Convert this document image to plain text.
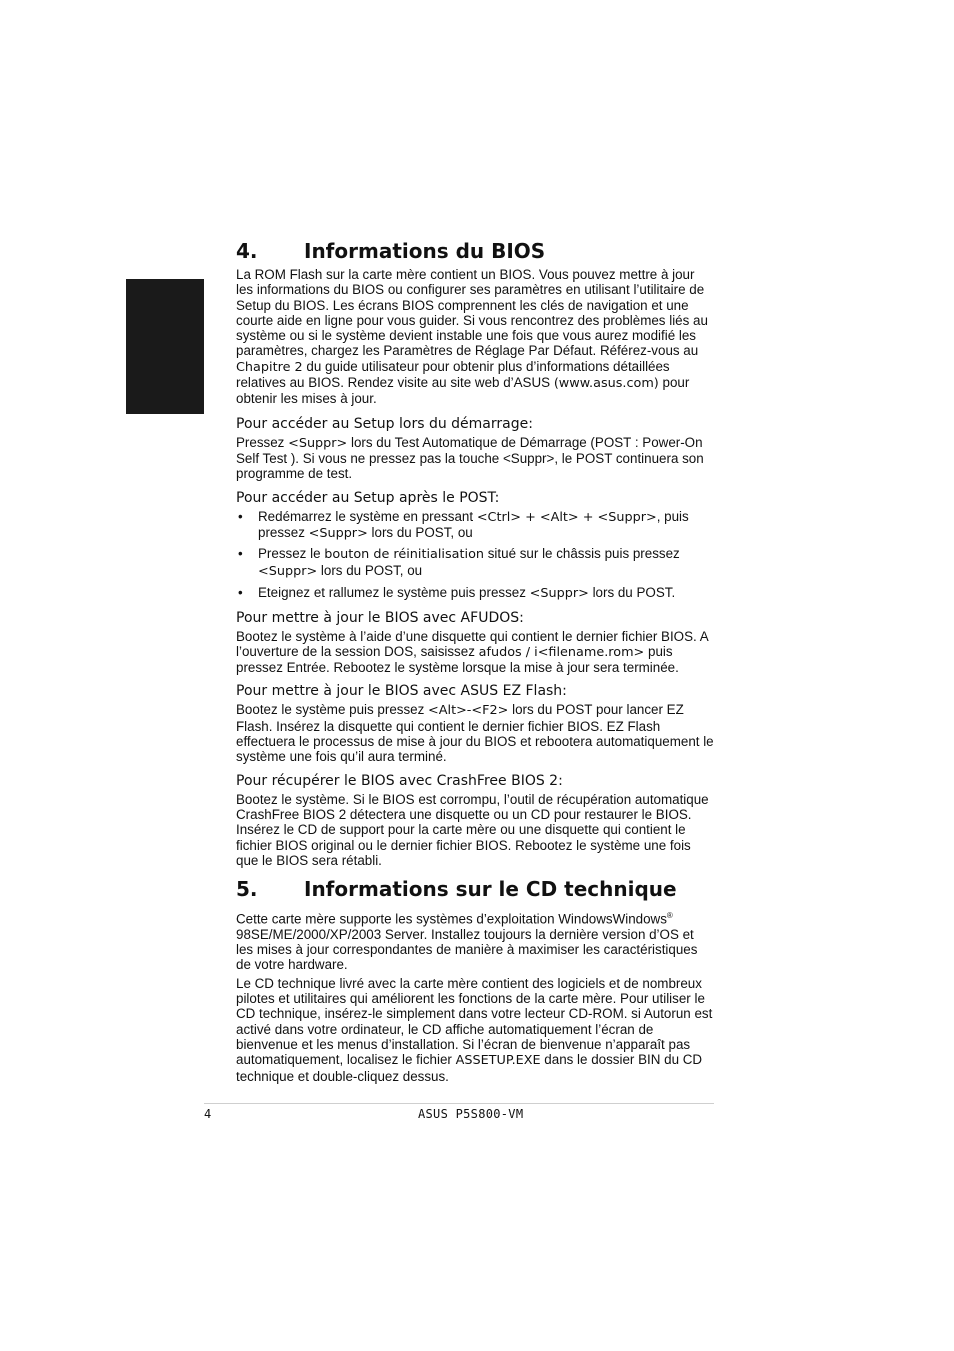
4. Informations du BIOS

La ROM Flash sur la carte mère contient un BIOS. Vous pouvez mettre à jour les informations du BIOS ou configurer ses paramètres en utilisant l’utilitaire de Setup du BIOS. Les écrans BIOS comprennent les clés de navigation et une courte aide en ligne pour vous guider. Si vous rencontrez des problèmes liés au système ou si le système devient instable une fois que vous aurez modifié les paramètres, chargez les Paramètres de Réglage Par Défaut. Référez-vous au Chapitre 2 du guide utilisateur pour obtenir plus d’informations détaillées relatives au BIOS. Rendez visite au site web d’ASUS (www.asus.com) pour obtenir les mises à jour.

Pour accéder au Setup lors du démarrage:

Pressez <Suppr> lors du Test Automatique de Démarrage (POST : Power-On Self Test ). Si vous ne pressez pas la touche <Suppr>, le POST continuera son programme de test.

Pour accéder au Setup après le POST:
• Redémarrez le système en pressant <Ctrl> + <Alt> + <Suppr>, puis pressez <Suppr> lors du POST, ou
• Pressez le bouton de réinitialisation situé sur le châssis puis pressez <Suppr> lors du POST, ou
• Eteignez et rallumez le système puis pressez <Suppr> lors du POST.
Pour mettre à jour le BIOS avec AFUDOS:

Bootez le système à l’aide d’une disquette qui contient le dernier fichier BIOS. A l’ouverture de la session DOS, saisissez afudos / i<filename.rom> puis pressez Entrée. Rebootez le système lorsque la mise à jour sera terminée.

Pour mettre à jour le BIOS avec ASUS EZ Flash:

Bootez le système puis pressez <Alt>-<F2> lors du POST pour lancer EZ Flash. Insérez la disquette qui contient le dernier fichier BIOS. EZ Flash effectuera le processus de mise à jour du BIOS et rebootera automatiquement le système une fois qu’il aura terminé.

Pour récupérer le BIOS avec CrashFree BIOS 2:

Bootez le système. Si le BIOS est corrompu, l’outil de récupération automatique CrashFree BIOS 2 détectera une disquette ou un CD pour restaurer le BIOS. Insérez le CD de support pour la carte mère ou une disquette qui contient le fichier BIOS original ou le dernier fichier BIOS. Rebootez le système une fois que le BIOS sera rétabli.

5. Informations sur le CD technique

Cette carte mère supporte les systèmes d’exploitation WindowsWindows® 98SE/ME/2000/XP/2003 Server. Installez toujours la dernière version d’OS et les mises à jour correspondantes de manière à maximiser les caractéristiques de votre hardware.

Le CD technique livré avec la carte mère contient des logiciels et de nombreux pilotes et utilitaires qui améliorent les fonctions de la carte mère. Pour utiliser le CD technique, insérez-le simplement dans votre lecteur CD-ROM. si Autorun est activé dans votre ordinateur, le CD affiche automatiquement l’écran de bienvenue et les menus d’installation. Si l’écran de bienvenue n’apparaît pas automatiquement, localisez le fichier ASSETUP.EXE dans le dossier BIN du CD technique et double-cliquez dessus.

4	ASUS P5S800-VM
